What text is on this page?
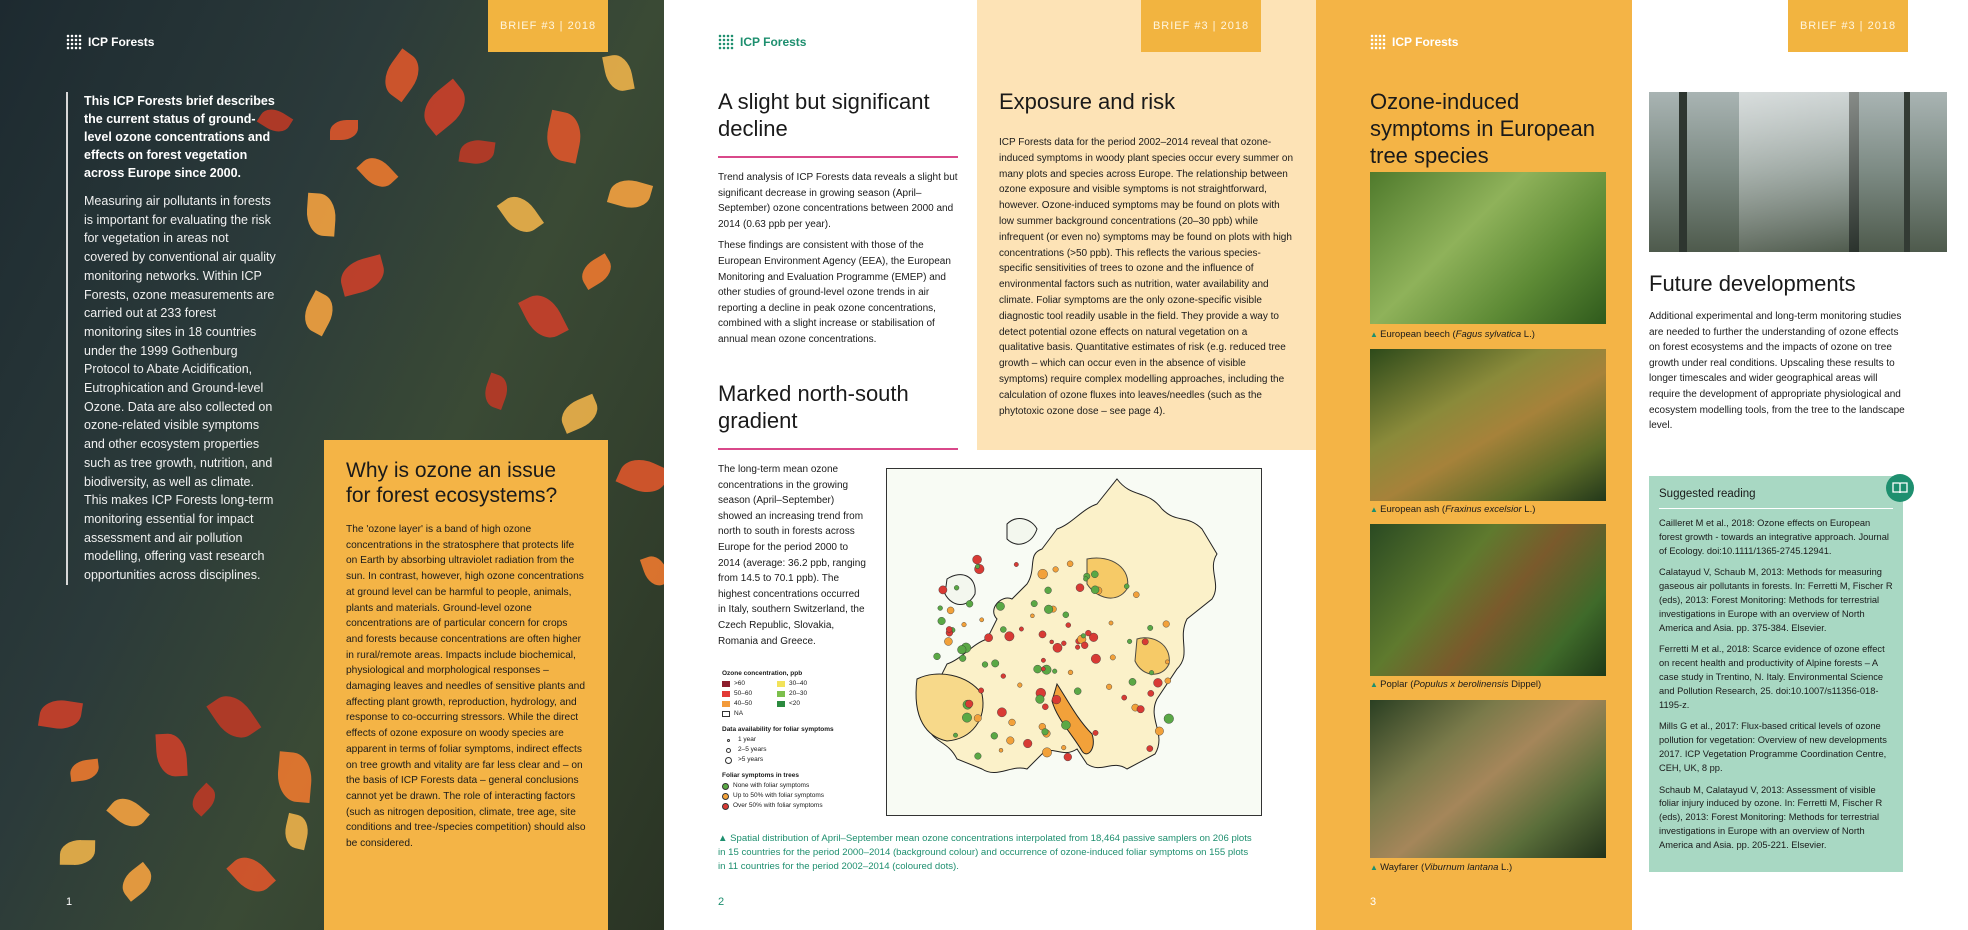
ICP Forests
BRIEF #3 | 2018

This ICP Forests brief describes the current status of ground-level ozone concentrations and effects on forest vegetation across Europe since 2000.

Measuring air pollutants in forests is important for evaluating the risk for vegetation in areas not covered by conventional air quality monitoring networks. Within ICP Forests, ozone measurements are carried out at 233 forest monitoring sites in 18 countries under the 1999 Gothenburg Protocol to Abate Acidification, Eutrophication and Ground-level Ozone. Data are also collected on ozone-related visible symptoms and other ecosystem properties such as tree growth, nutrition, and biodiversity, as well as climate. This makes ICP Forests long-term monitoring essential for impact assessment and air pollution modelling, offering vast research opportunities across disciplines.

Why is ozone an issue for forest ecosystems?

The 'ozone layer' is a band of high ozone concentrations in the stratosphere that protects life on Earth by absorbing ultraviolet radiation from the sun. In contrast, however, high ozone concentrations at ground level can be harmful to people, animals, plants and materials. Ground-level ozone concentrations are of particular concern for crops and forests because concentrations are often higher in rural/remote areas. Impacts include biochemical, physiological and morphological responses – damaging leaves and needles of sensitive plants and affecting plant growth, reproduction, hydrology, and response to co-occurring stressors. While the direct effects of ozone exposure on woody species are apparent in terms of foliar symptoms, indirect effects on tree growth and vitality are far less clear and – on the basis of ICP Forests data – general conclusions cannot yet be drawn. The role of interacting factors (such as nitrogen deposition, climate, tree age, site conditions and tree-/species competition) should also be considered.

1
ICP Forests
A slight but significant decline

Trend analysis of ICP Forests data reveals a slight but significant decrease in growing season (April–September) ozone concentrations between 2000 and 2014 (0.63 ppb per year).

These findings are consistent with those of the European Environment Agency (EEA), the European Monitoring and Evaluation Programme (EMEP) and other studies of ground-level ozone trends in air reporting a decline in peak ozone concentrations, combined with a slight increase or stabilisation of annual mean ozone concentrations.

Exposure and risk

ICP Forests data for the period 2002–2014 reveal that ozone-induced symptoms in woody plant species occur every summer on many plots and species across Europe. The relationship between ozone exposure and visible symptoms is not straightforward, however. Ozone-induced symptoms may be found on plots with low summer background concentrations (20–30 ppb) while infrequent (or even no) symptoms may be found on plots with high concentrations (>50 ppb). This reflects the various species-specific sensitivities of trees to ozone and the influence of environmental factors such as nutrition, water availability and climate. Foliar symptoms are the only ozone-specific visible diagnostic tool readily usable in the field. They provide a way to detect potential ozone effects on natural vegetation on a qualitative basis. Quantitative estimates of risk (e.g. reduced tree growth – which can occur even in the absence of visible symptoms) require complex modelling approaches, including the calculation of ozone fluxes into leaves/needles (such as the phytotoxic ozone dose – see page 4).

BRIEF #3 | 2018
Marked north-south gradient

The long-term mean ozone concentrations in the growing season (April–September) showed an increasing trend from north to south in forests across Europe for the period 2000 to 2014 (average: 36.2 ppb, ranging from 14.5 to 70.1 ppb). The highest concentrations occurred in Italy, southern Switzerland, the Czech Republic, Slovakia, Romania and Greece.

Ozone concentration, ppb
>60	30–40
50–60	20–30
40–50	<20
NA
Data availability for foliar symptoms
1 year
2–5 years
>5 years
Foliar symptoms in trees
None with foliar symptoms
Up to 50% with foliar symptoms
Over 50% with foliar symptoms

▲ Spatial distribution of April–September mean ozone concentrations interpolated from 18,464 passive samplers on 206 plots in 15 countries for the period 2000–2014 (background colour) and occurrence of ozone-induced foliar symptoms on 155 plots in 11 countries for the period 2002–2014 (coloured dots).

2
ICP Forests
Ozone-induced symptoms in European tree species
▲ European beech (Fagus sylvatica L.)
▲ European ash (Fraxinus excelsior L.)
▲ Poplar (Populus x berolinensis Dippel)
▲ Wayfarer (Viburnum lantana L.)
3
BRIEF #3 | 2018
Future developments

Additional experimental and long-term monitoring studies are needed to further the understanding of ozone effects on forest ecosystems and the impacts of ozone on tree growth under real conditions. Upscaling these results to longer timescales and wider geographical areas will require the development of appropriate physiological and ecosystem modelling tools, from the tree to the landscape level.

Suggested reading

Cailleret M et al., 2018: Ozone effects on European forest growth - towards an integrative approach. Journal of Ecology. doi:10.1111/1365-2745.12941.

Calatayud V, Schaub M, 2013: Methods for measuring gaseous air pollutants in forests. In: Ferretti M, Fischer R (eds), 2013: Forest Monitoring: Methods for terrestrial investigations in Europe with an overview of North America and Asia. pp. 375-384. Elsevier.

Ferretti M et al., 2018: Scarce evidence of ozone effect on recent health and productivity of Alpine forests – A case study in Trentino, N. Italy. Environmental Science and Pollution Research, 25. doi:10.1007/s11356-018-1195-z.

Mills G et al., 2017: Flux-based critical levels of ozone pollution for vegetation: Overview of new developments 2017. ICP Vegetation Programme Coordination Centre, CEH, UK, 8 pp.

Schaub M, Calatayud V, 2013: Assessment of visible foliar injury induced by ozone. In: Ferretti M, Fischer R (eds), 2013: Forest Monitoring: Methods for terrestrial investigations in Europe with an overview of North America and Asia. pp. 205-221. Elsevier.
